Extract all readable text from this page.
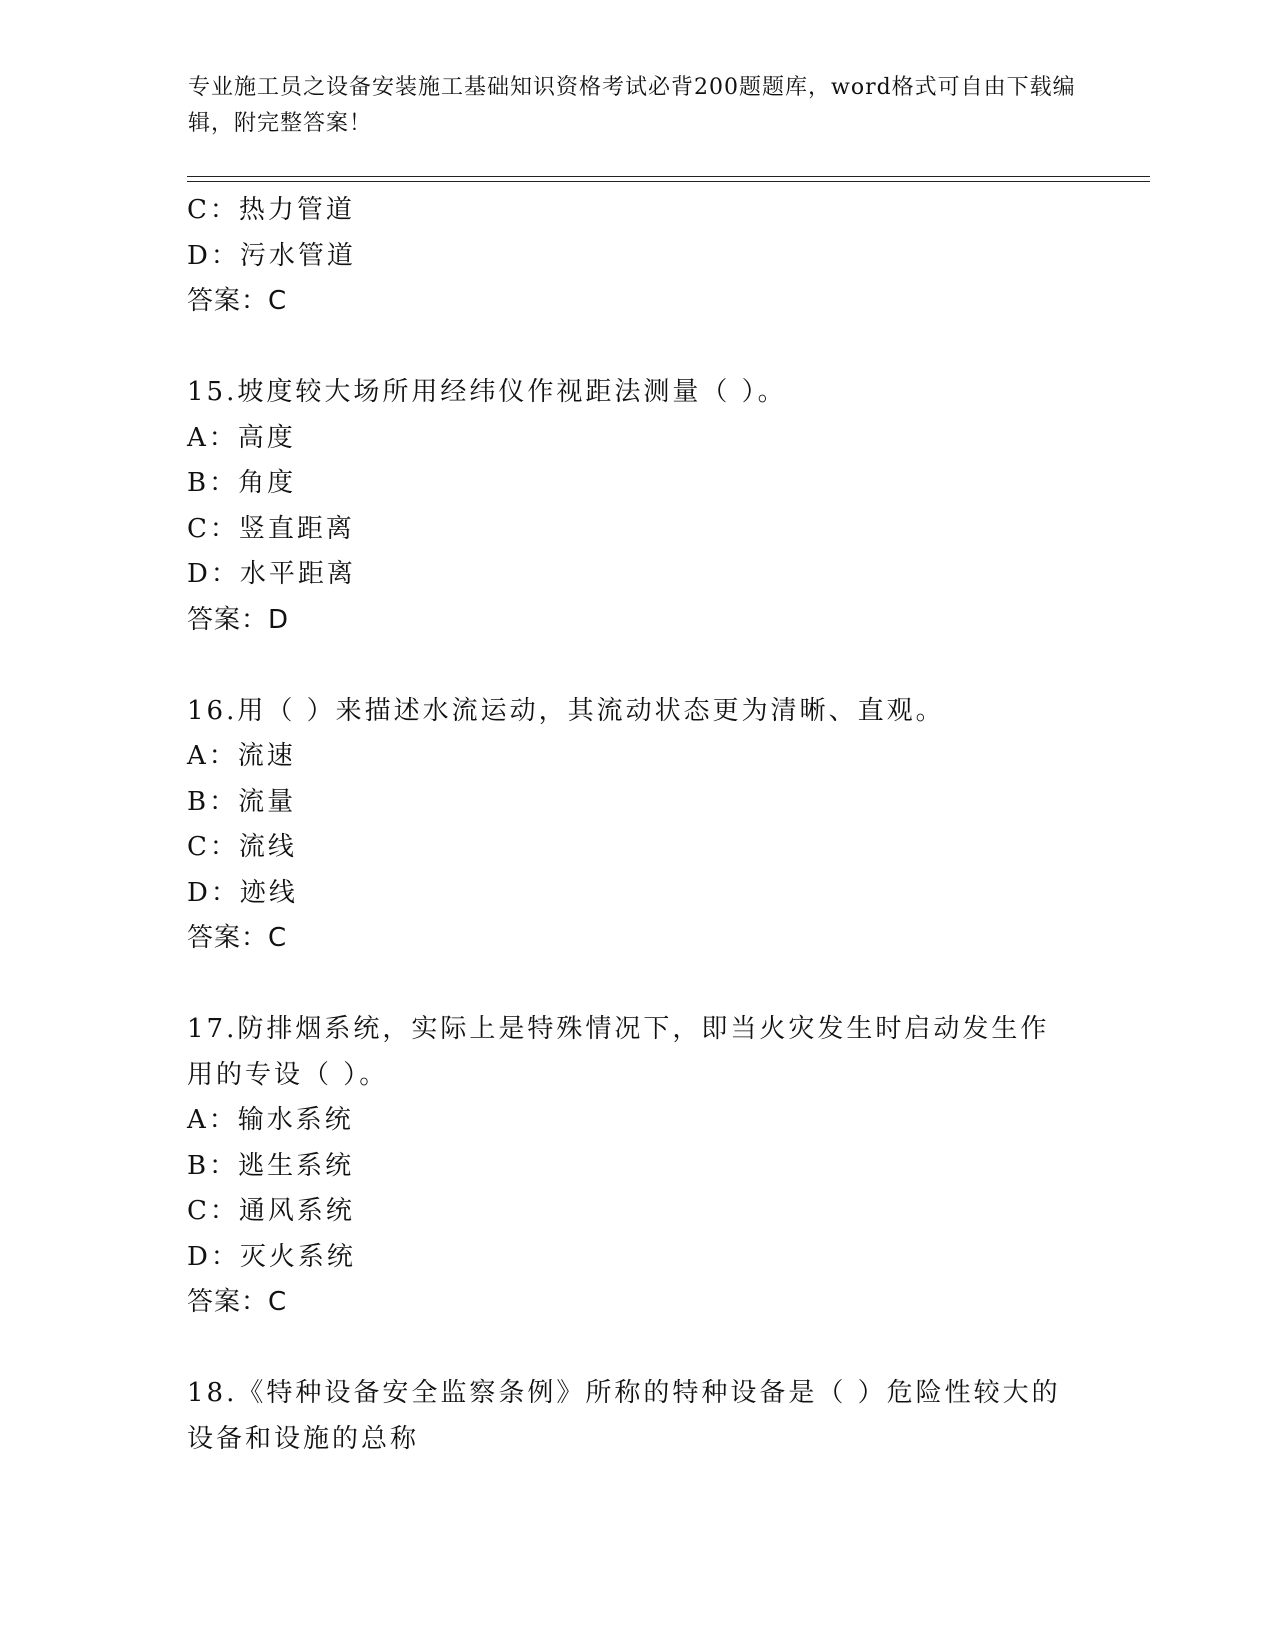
专业施工员之设备安装施工基础知识资格考试必背200题题库，word格式可自由下载编辑，附完整答案！
C：热力管道
D：污水管道
答案：C
15.坡度较大场所用经纬仪作视距法测量（ ）。
A：高度
B：角度
C：竖直距离
D：水平距离
答案：D
16.用（ ）来描述水流运动，其流动状态更为清晰、直观。
A：流速
B：流量
C：流线
D：迹线
答案：C
17.防排烟系统，实际上是特殊情况下，即当火灾发生时启动发生作用的专设（ ）。
A：输水系统
B：逃生系统
C：通风系统
D：灭火系统
答案：C
18.《特种设备安全监察条例》所称的特种设备是（ ）危险性较大的设备和设施的总称
